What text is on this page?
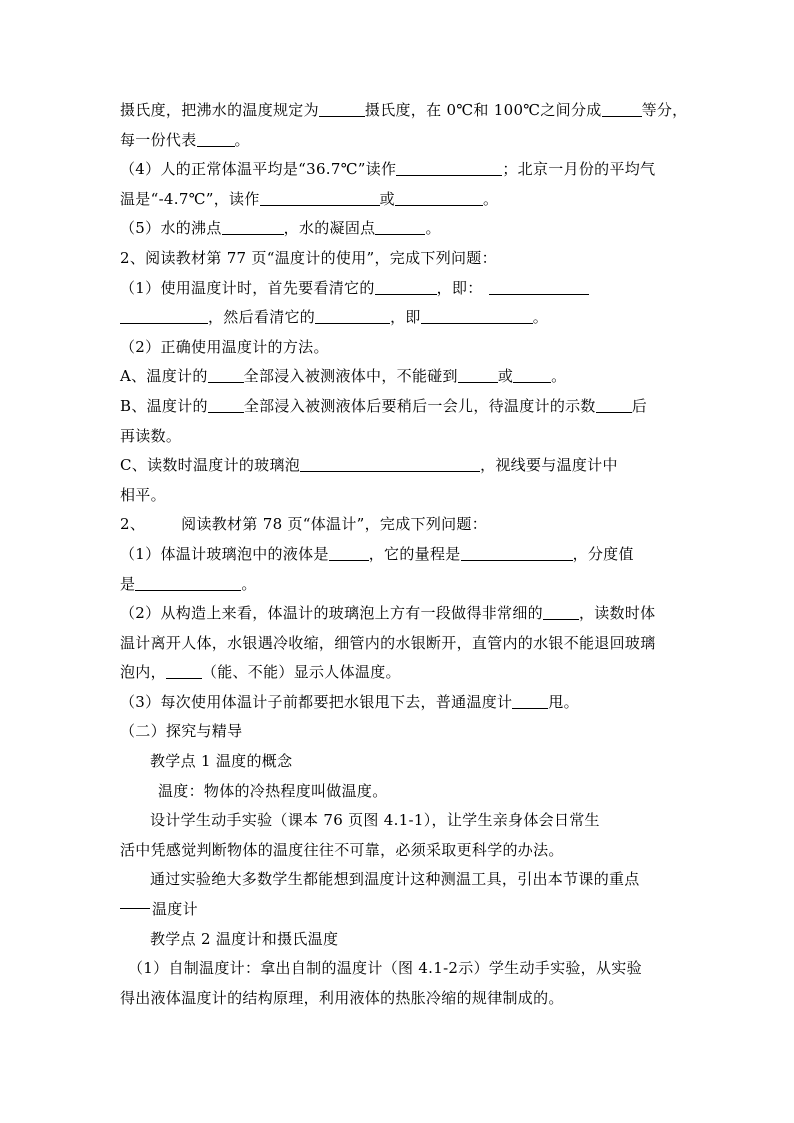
摄氏度，把沸水的温度规定为	摄氏度，在 0℃和 100℃之间分成	等分，
每一份代表	。
（4）人的正常体温平均是“36.7℃”读作	；北京一月份的平均气
温是“-4.7℃”，读作	或	。
（5）水的沸点	，水的凝固点	。
2、阅读教材第 77 页“温度计的使用”，完成下列问题：
（1）使用温度计时，首先要看清它的	，即：
，然后看清它的	，即	。
（2）正确使用温度计的方法。
A、温度计的 全部浸入被测液体中，不能碰到	或	。
B、温度计的 全部浸入被测液体后要稍后一会儿，待温度计的示数 后
再读数。
C、读数时温度计的玻璃泡	，视线要与温度计中
相平。
2、 阅读教材第 78 页“体温计”，完成下列问题：
（1）体温计玻璃泡中的液体是	，它的量程是	，分度值
是	。
（2）从构造上来看，体温计的玻璃泡上方有一段做得非常细的 ，读数时体
温计离开人体，水银遇冷收缩，细管内的水银断开，直管内的水银不能退回玻璃
泡内， （能、不能）显示人体温度。
（3）每次使用体温计子前都要把水银甩下去，普通温度计 甩。
（二）探究与精导
教学点 1 温度的概念
温度：物体的冷热程度叫做温度。
设计学生动手实验（课本 76 页图 4.1-1），让学生亲身体会日常生
活中凭感觉判断物体的温度往往不可靠，必须采取更科学的办法。
通过实验绝大多数学生都能想到温度计这种测温工具，引出本节课的重点
温度计
教学点 2 温度计和摄氏温度
（1）自制温度计：拿出自制的温度计（图 4.1-2示）学生动手实验，从实验
得出液体温度计的结构原理，利用液体的热胀冷缩的规律制成的。
